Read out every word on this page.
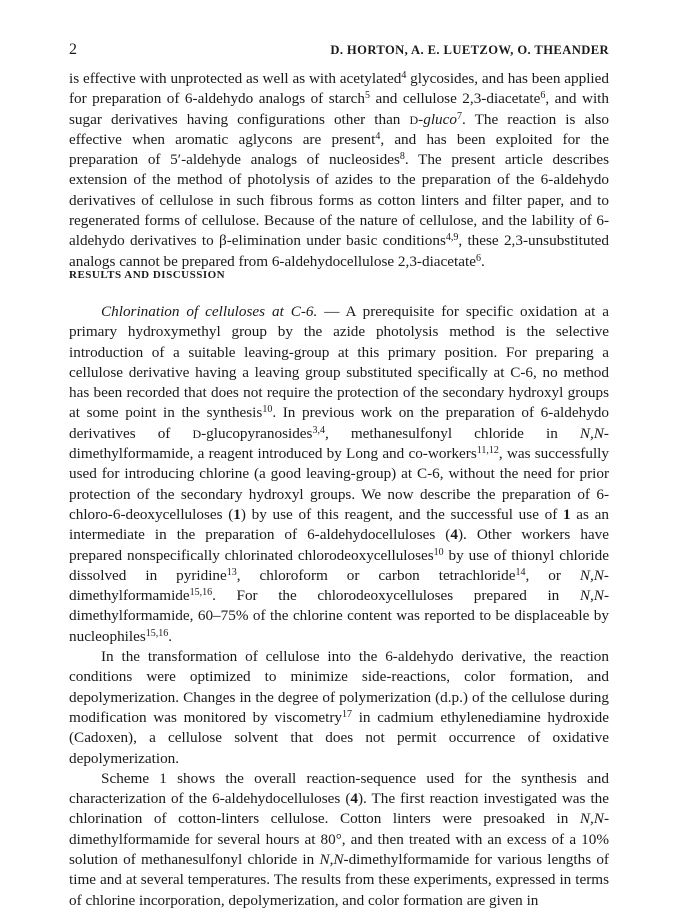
2	D. HORTON, A. E. LUETZOW, O. THEANDER

is effective with unprotected as well as with acetylated$^4$ glycosides, and has been applied for preparation of 6-aldehydo analogs of starch$^5$ and cellulose 2,3-diacetate$^6$, and with sugar derivatives having configurations other than D-gluco$^7$. The reaction is also effective when aromatic aglycons are present$^4$, and has been exploited for the preparation of 5′-aldehyde analogs of nucleosides$^8$. The present article describes extension of the method of photolysis of azides to the preparation of the 6-aldehydo derivatives of cellulose in such fibrous forms as cotton linters and filter paper, and to regenerated forms of cellulose. Because of the nature of cellulose, and the lability of 6-aldehydo derivatives to β-elimination under basic conditions$^{4,9}$, these 2,3-unsubstituted analogs cannot be prepared from 6-aldehydocellulose 2,3-diacetate$^6$.

RESULTS AND DISCUSSION

Chlorination of celluloses at C-6. — A prerequisite for specific oxidation at a primary hydroxymethyl group by the azide photolysis method is the selective introduction of a suitable leaving-group at this primary position. For preparing a cellulose derivative having a leaving group substituted specifically at C-6, no method has been recorded that does not require the protection of the secondary hydroxyl groups at some point in the synthesis$^{10}$. In previous work on the preparation of 6-aldehydo derivatives of D-glucopyranosides$^{3,4}$, methanesulfonyl chloride in N,N-dimethylformamide, a reagent introduced by Long and co-workers$^{11,12}$, was successfully used for introducing chlorine (a good leaving-group) at C-6, without the need for prior protection of the secondary hydroxyl groups. We now describe the preparation of 6-chloro-6-deoxycelluloses (1) by use of this reagent, and the successful use of 1 as an intermediate in the preparation of 6-aldehydocelluloses (4). Other workers have prepared nonspecifically chlorinated chlorodeoxycelluloses$^{10}$ by use of thionyl chloride dissolved in pyridine$^{13}$, chloroform or carbon tetrachloride$^{14}$, or N,N-dimethylformamide$^{15,16}$. For the chlorodeoxycelluloses prepared in N,N-dimethylformamide, 60–75% of the chlorine content was reported to be displaceable by nucleophiles$^{15,16}$.

In the transformation of cellulose into the 6-aldehydo derivative, the reaction conditions were optimized to minimize side-reactions, color formation, and depolymerization. Changes in the degree of polymerization (d.p.) of the cellulose during modification was monitored by viscometry$^{17}$ in cadmium ethylenediamine hydroxide (Cadoxen), a cellulose solvent that does not permit occurrence of oxidative depolymerization.

Scheme 1 shows the overall reaction-sequence used for the synthesis and characterization of the 6-aldehydocelluloses (4). The first reaction investigated was the chlorination of cotton-linters cellulose. Cotton linters were presoaked in N,N-dimethylformamide for several hours at 80°, and then treated with an excess of a 10% solution of methanesulfonyl chloride in N,N-dimethylformamide for various lengths of time and at several temperatures. The results from these experiments, expressed in terms of chlorine incorporation, depolymerization, and color formation are given in
